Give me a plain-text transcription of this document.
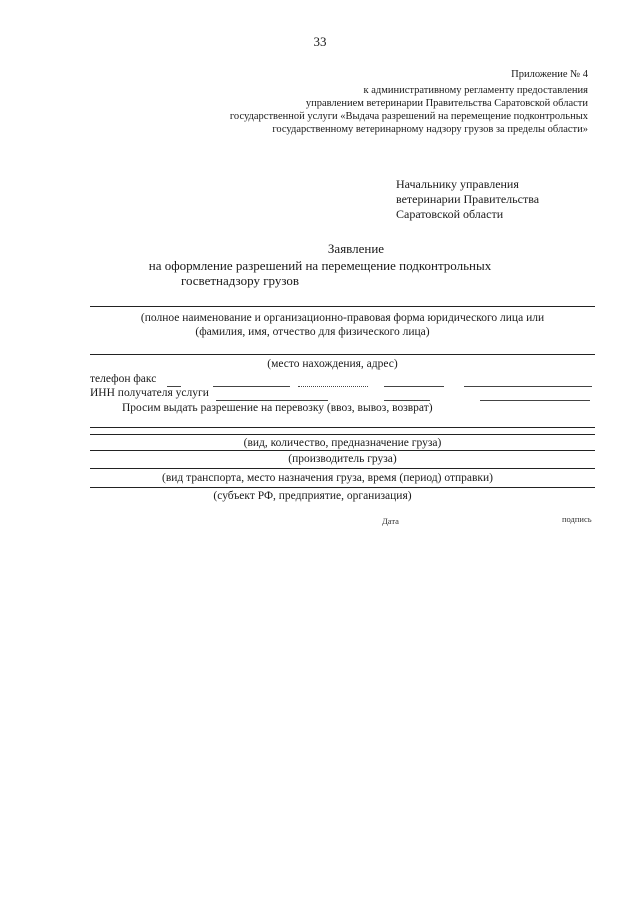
33
Приложение № 4
к административному регламенту предоставления
управлением ветеринарии Правительства Саратовской области
государственной услуги «Выдача разрешений на перемещение подконтрольных
государственному ветеринарному надзору грузов за пределы области»
Начальнику управления
ветеринарии Правительства
Саратовской области
Заявление
на оформление разрешений на перемещение подконтрольных
госветнадзору грузов
(полное наименование и организационно-правовая форма юридического лица или
(фамилия, имя, отчество для физического лица)
(место нахождения, адрес)
телефон факс
ИНН получателя услуги
Просим выдать разрешение на перевозку (ввоз, вывоз, возврат)
(вид, количество, предназначение груза)
(производитель груза)
(вид транспорта, место назначения груза, время (период) отправки)
(субъект РФ, предприятие, организация)
Дата	подпись
